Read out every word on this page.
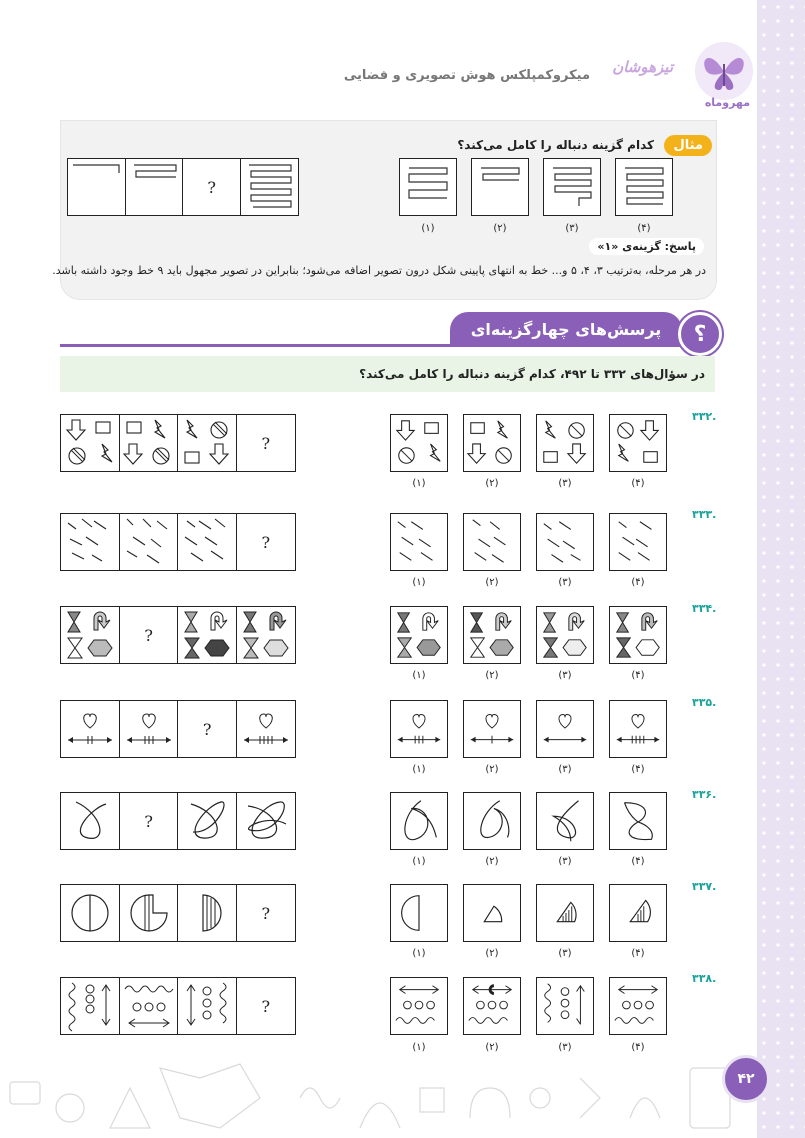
مهروماه
تیزهوشان
میکروکمپلکس هوش تصویری و فضایی
مثال
کدام گزینه دنباله را کامل می‌کند؟
?
(۱)	(۲)	(۳)	(۴)
پاسخ: گزینه‌ی «۱»
در هر مرحله، به‌ترتیب ۳، ۴، ۵ و... خط به انتهای پایینی شکل درون تصویر اضافه می‌شود؛ بنابراین در تصویر مجهول باید ۹ خط وجود داشته باشد.
پرسش‌های چهارگزینه‌ای	؟
در سؤال‌های ۳۳۲ تا ۴۹۲، کدام گزینه دنباله را کامل می‌کند؟
۳۳۲.
?
(۱)	(۲)	(۳)	(۴)
۳۳۳.
?
(۱)	(۲)	(۳)	(۴)
۳۳۴.
?
(۱)	(۲)	(۳)	(۴)
۳۳۵.
?
(۱)	(۲)	(۳)	(۴)
۳۳۶.
?
(۱)	(۲)	(۳)	(۴)
۳۳۷.
?
(۱)	(۲)	(۳)	(۴)
۳۳۸.
?
(۱)	(۲)	(۳)	(۴)
۴۲
